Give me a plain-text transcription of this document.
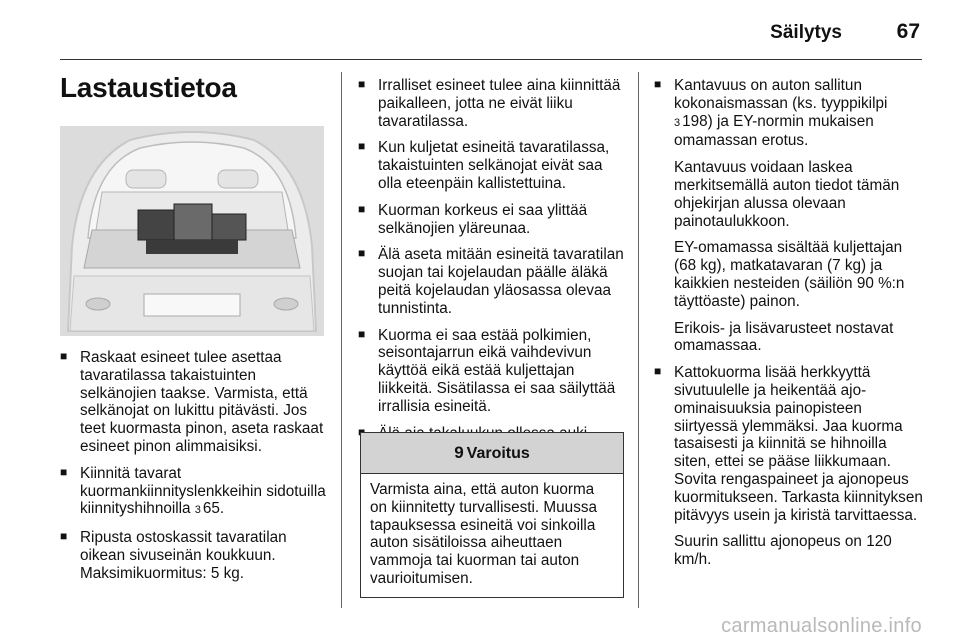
Säilytys	67
Lastaustietoa
■ Raskaat esineet tulee asettaa tavaratilassa takaistuinten selkänojien taakse. Varmista, että selkänojat on lukittu pitävästi. Jos teet kuormasta pinon, aseta raskaat esineet pinon alimmaisiksi.
■ Kiinnitä tavarat kuormankiinnityslenkkeihin sidotuilla kiinnityshihnoilla 3 65.
■ Ripusta ostoskassit tavaratilan oikean sivuseinän koukkuun. Maksimikuormitus: 5 kg.
■ Irralliset esineet tulee aina kiinnittää paikalleen, jotta ne eivät liiku tavaratilassa.
■ Kun kuljetat esineitä tavaratilassa, takaistuinten selkänojat eivät saa olla eteenpäin kallistettuina.
■ Kuorman korkeus ei saa ylittää selkänojien yläreunaa.
■ Älä aseta mitään esineitä tavaratilan suojan tai kojelaudan päälle äläkä peitä kojelaudan yläosassa olevaa tunnistinta.
■ Kuorma ei saa estää polkimien, seisontajarrun eikä vaihdevivun käyttöä eikä estää kuljettajan liikkeitä. Sisätilassa ei saa säilyttää irrallisia esineitä.
■
9 Varoitus
Varmista aina, että auton kuorma on kiinnitetty turvallisesti. Muussa tapauksessa esineitä voi sinkoilla auton sisätiloissa aiheuttaen vammoja tai kuorman tai auton vaurioitumisen.

■ Kantavuus on auton sallitun kokonaismassan (ks. tyyppikilpi 3 198) ja EY-normin mukaisen omamassan erotus.

Kantavuus voidaan laskea merkitsemällä auton tiedot tämän ohjekirjan alussa olevaan painotaulukkoon.

EY-omamassa sisältää kuljettajan (68 kg), matkatavaran (7 kg) ja kaikkien nesteiden (säiliön 90 %:n täyttöaste) painon.

Erikois- ja lisävarusteet nostavat omamassaa.

■ Kattokuorma lisää herkkyyttä sivutuulelle ja heikentää ajo-ominaisuuksia painopisteen siirtyessä ylemmäksi. Jaa kuorma tasaisesti ja kiinnitä se hihnoilla siten, ettei se pääse liikkumaan. Sovita rengaspaineet ja ajonopeus kuormitukseen. Tarkasta kiinnityksen pitävyys usein ja kiristä tarvittaessa.

Suurin sallittu ajonopeus on 120 km/h.

carmanualsonline.info
